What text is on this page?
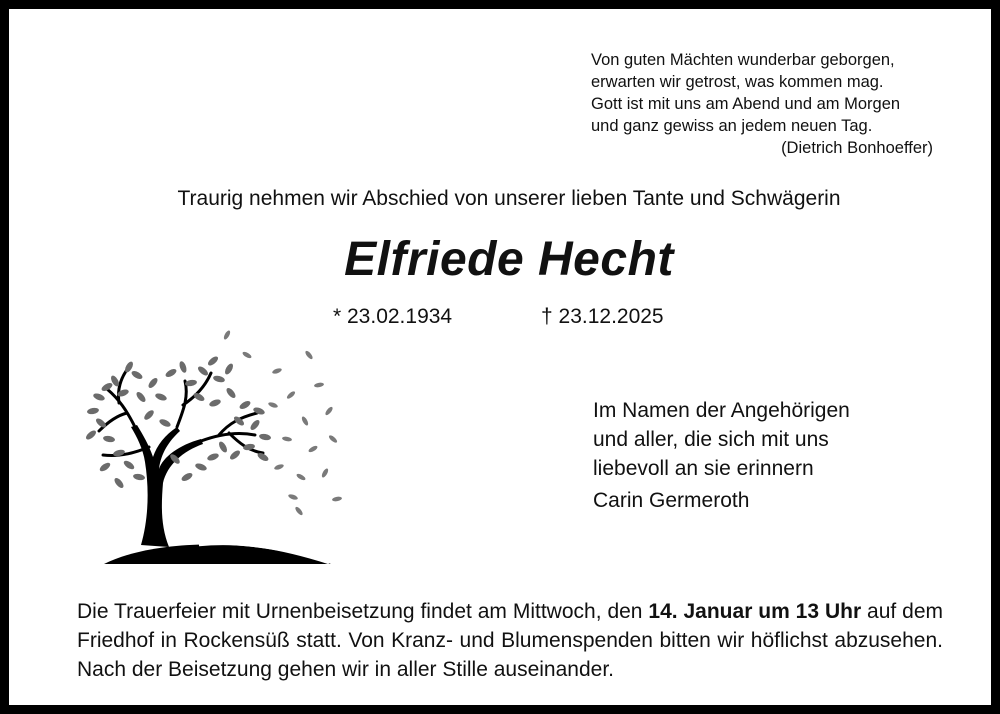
Von guten Mächten wunderbar geborgen,
erwarten wir getrost, was kommen mag.
Gott ist mit uns am Abend und am Morgen
und ganz gewiss an jedem neuen Tag.
(Dietrich Bonhoeffer)
Traurig nehmen wir Abschied von unserer lieben Tante und Schwägerin
Elfriede Hecht
* 23.02.1934	† 23.12.2025
Im Namen der Angehörigen
und aller, die sich mit uns
liebevoll an sie erinnern
Carin Germeroth
Die Trauerfeier mit Urnenbeisetzung findet am Mittwoch, den 14. Januar um 13 Uhr auf dem Friedhof in Rockensüß statt. Von Kranz- und Blumenspenden bitten wir höflichst abzusehen. Nach der Beisetzung gehen wir in aller Stille auseinander.
